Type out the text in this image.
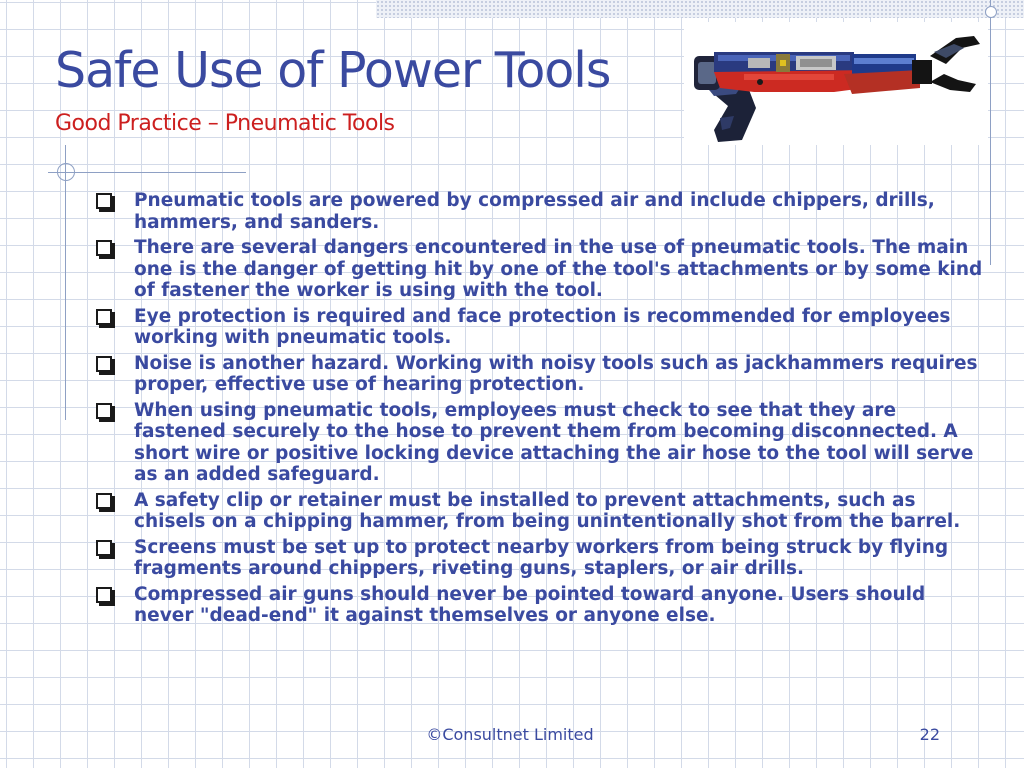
Safe Use of Power Tools
Good Practice – Pneumatic Tools
Pneumatic tools are powered by compressed air and include chippers, drills, hammers, and sanders.
There are several dangers encountered in the use of pneumatic tools. The main one is the danger of getting hit by one of the tool's attachments or by some kind of fastener the worker is using with the tool.
Eye protection is required and face protection is recommended for employees working with pneumatic tools.
Noise is another hazard. Working with noisy tools such as jackhammers requires proper, effective use of hearing protection.
When using pneumatic tools, employees must check to see that they are fastened securely to the hose to prevent them from becoming disconnected. A short wire or positive locking device attaching the air hose to the tool will serve as an added safeguard.
A safety clip or retainer must be installed to prevent attachments, such as chisels on a chipping hammer, from being unintentionally shot from the barrel.
Screens must be set up to protect nearby workers from being struck by flying fragments around chippers, riveting guns, staplers, or air drills.
Compressed air guns should never be pointed toward anyone. Users should never "dead-end" it against themselves or anyone else.
©Consultnet Limited	22
